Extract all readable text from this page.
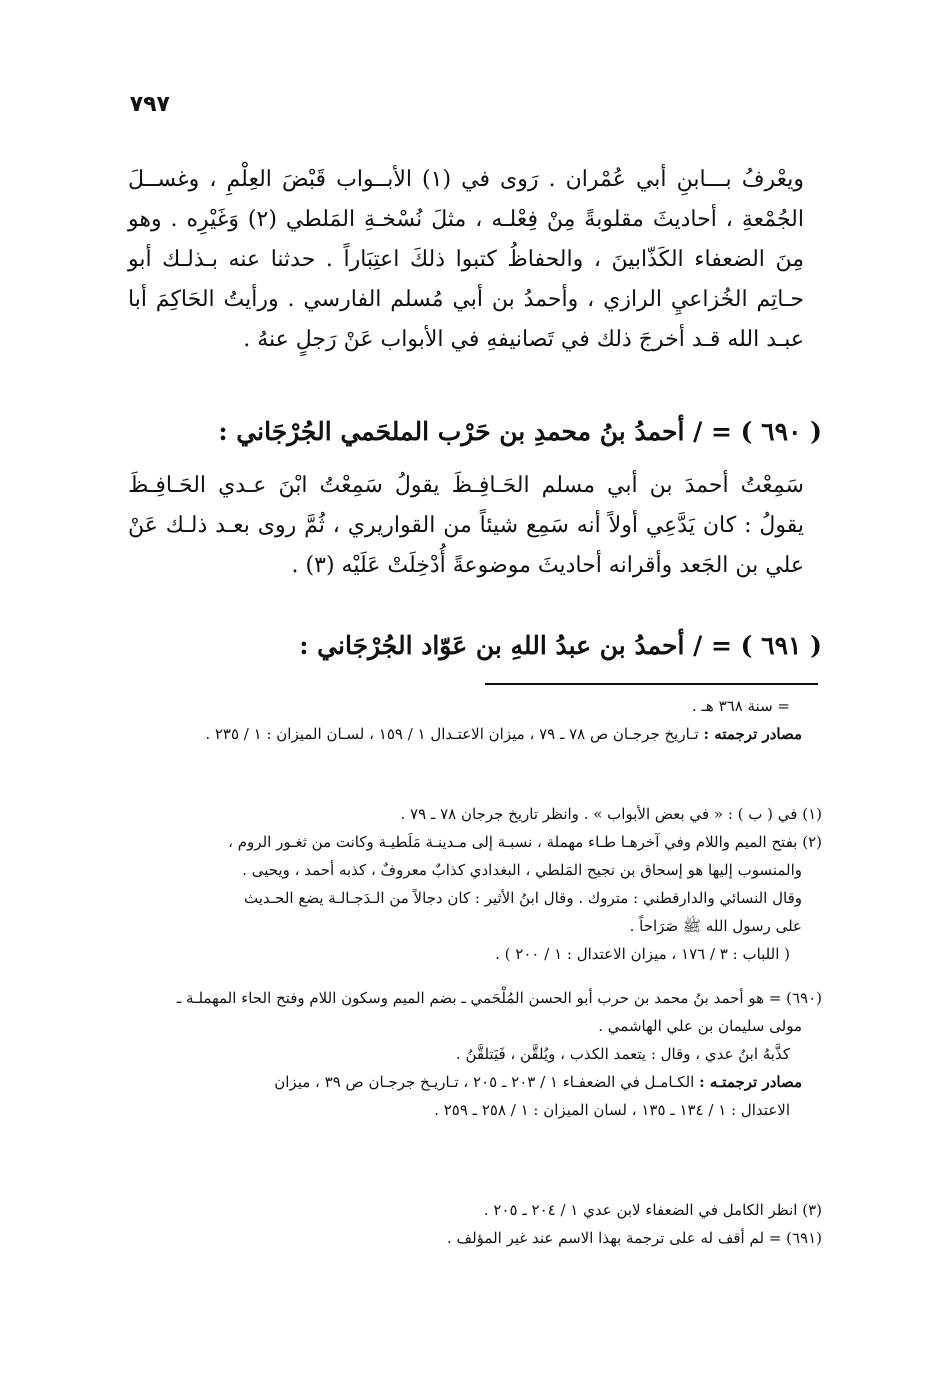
٧٩٧
ويعْرفُ بـــابنِ أبي عُمْران . رَوى في (١) الأبــواب قَبْضَ العِلْمِ ، وغســلَ الجُمْعةِ ، أحاديثَ مقلوبةً مِنْ فِعْلـه ، مثلَ نُسْخـةِ المَلطي (٢) وَغَيْرِه . وهو مِنَ الضعفاء الكَذّابينَ ، والحفاظُ كتبوا ذلكَ اعتِبَاراً . حدثنا عنه بـذلـك أبو حـاتِم الخُزاعيِ الرازي ، وأحمدُ بن أبي مُسلم الفارسي . ورأيتُ الحَاكِمَ أبا عبـد الله قـد أخرجَ ذلك في تَصانيفهِ في الأبواب عَنْ رَجلٍ عنهُ .
( ٦٩٠ ) = / أحمدُ بنُ محمدِ بن حَرْب الملحَمي الجُرْجَاني :
سَمِعْتُ أحمدَ بن أبي مسلم الحَـافِـظَ يقولُ سَمِعْتُ ابْنَ عـدي الحَـافِـظَ يقولُ : كان يَدَّعِي أولاً أنه سَمِع شيئاً من القواريري ، ثُمَّ روى بعـد ذلـك عَنْ علي بن الجَعد وأقرانه أحاديثَ موضوعةً أُدْخِلَتْ عَلَيْه (٣) .
( ٦٩١ ) = / أحمدُ بن عبدُ اللهِ بن عَوّاد الجُرْجَاني :
= سنة ٣٦٨ هـ .
مصادر ترجمته : تـاريخ جرجـان ص ٧٨ ـ ٧٩ ، ميزان الاعتـدال ١ / ١٥٩ ، لسـان الميزان : ١ / ٢٣٥ .
(١) في ( ب ) : « في بعض الأبواب » . وانظر تاريخ جرجان ٧٨ ـ ٧٩ .
(٢) بفتح الميم واللام وفي آخرهـا طـاء مهملة ، نسبـة إلى مـدينـة مَلَطيـة وكانت من ثغـور الروم ،
والمنسوب إليها هو إسحاق بن نجيح المَلطي ، البغدادي كذابٌ معروفٌ ، كذبه أحمد ، ويحيى .
وقال النسائي والدارقطني : متروك . وقال ابنُ الأثير : كان دجالاً من الـدَجـالـة يضع الحـديث
على رسول الله ﷺ صَرَاحاً .
( اللباب : ٣ / ١٧٦ ، ميزان الاعتدال : ١ / ٢٠٠ ) .
(٦٩٠) = هو أحمد بنُ محمد بن حرب أبو الحسن المُلْحَمي ـ بضم الميم وسكون اللام وفتح الحاء المهملـة ـ
مولى سليمان بن علي الهاشمي .
كذَّبهُ ابنُ عدي ، وقال : يتعمد الكذب ، ويُلقَّن ، فَيَتلقَّنُ .
مصادر ترجمتـه : الكـامـل في الضعفـاء ١ / ٢٠٣ ـ ٢٠٥ ، تـاريـخ جرجـان ص ٣٩ ، ميزان
الاعتدال : ١ / ١٣٤ ـ ١٣٥ ، لسان الميزان : ١ / ٢٥٨ ـ ٢٥٩ .
(٣) انظر الكامل في الضعفاء لابن عدي ١ / ٢٠٤ ـ ٢٠٥ .
(٦٩١) = لم أقف له على ترجمة بهذا الاسم عند غير المؤلف .
